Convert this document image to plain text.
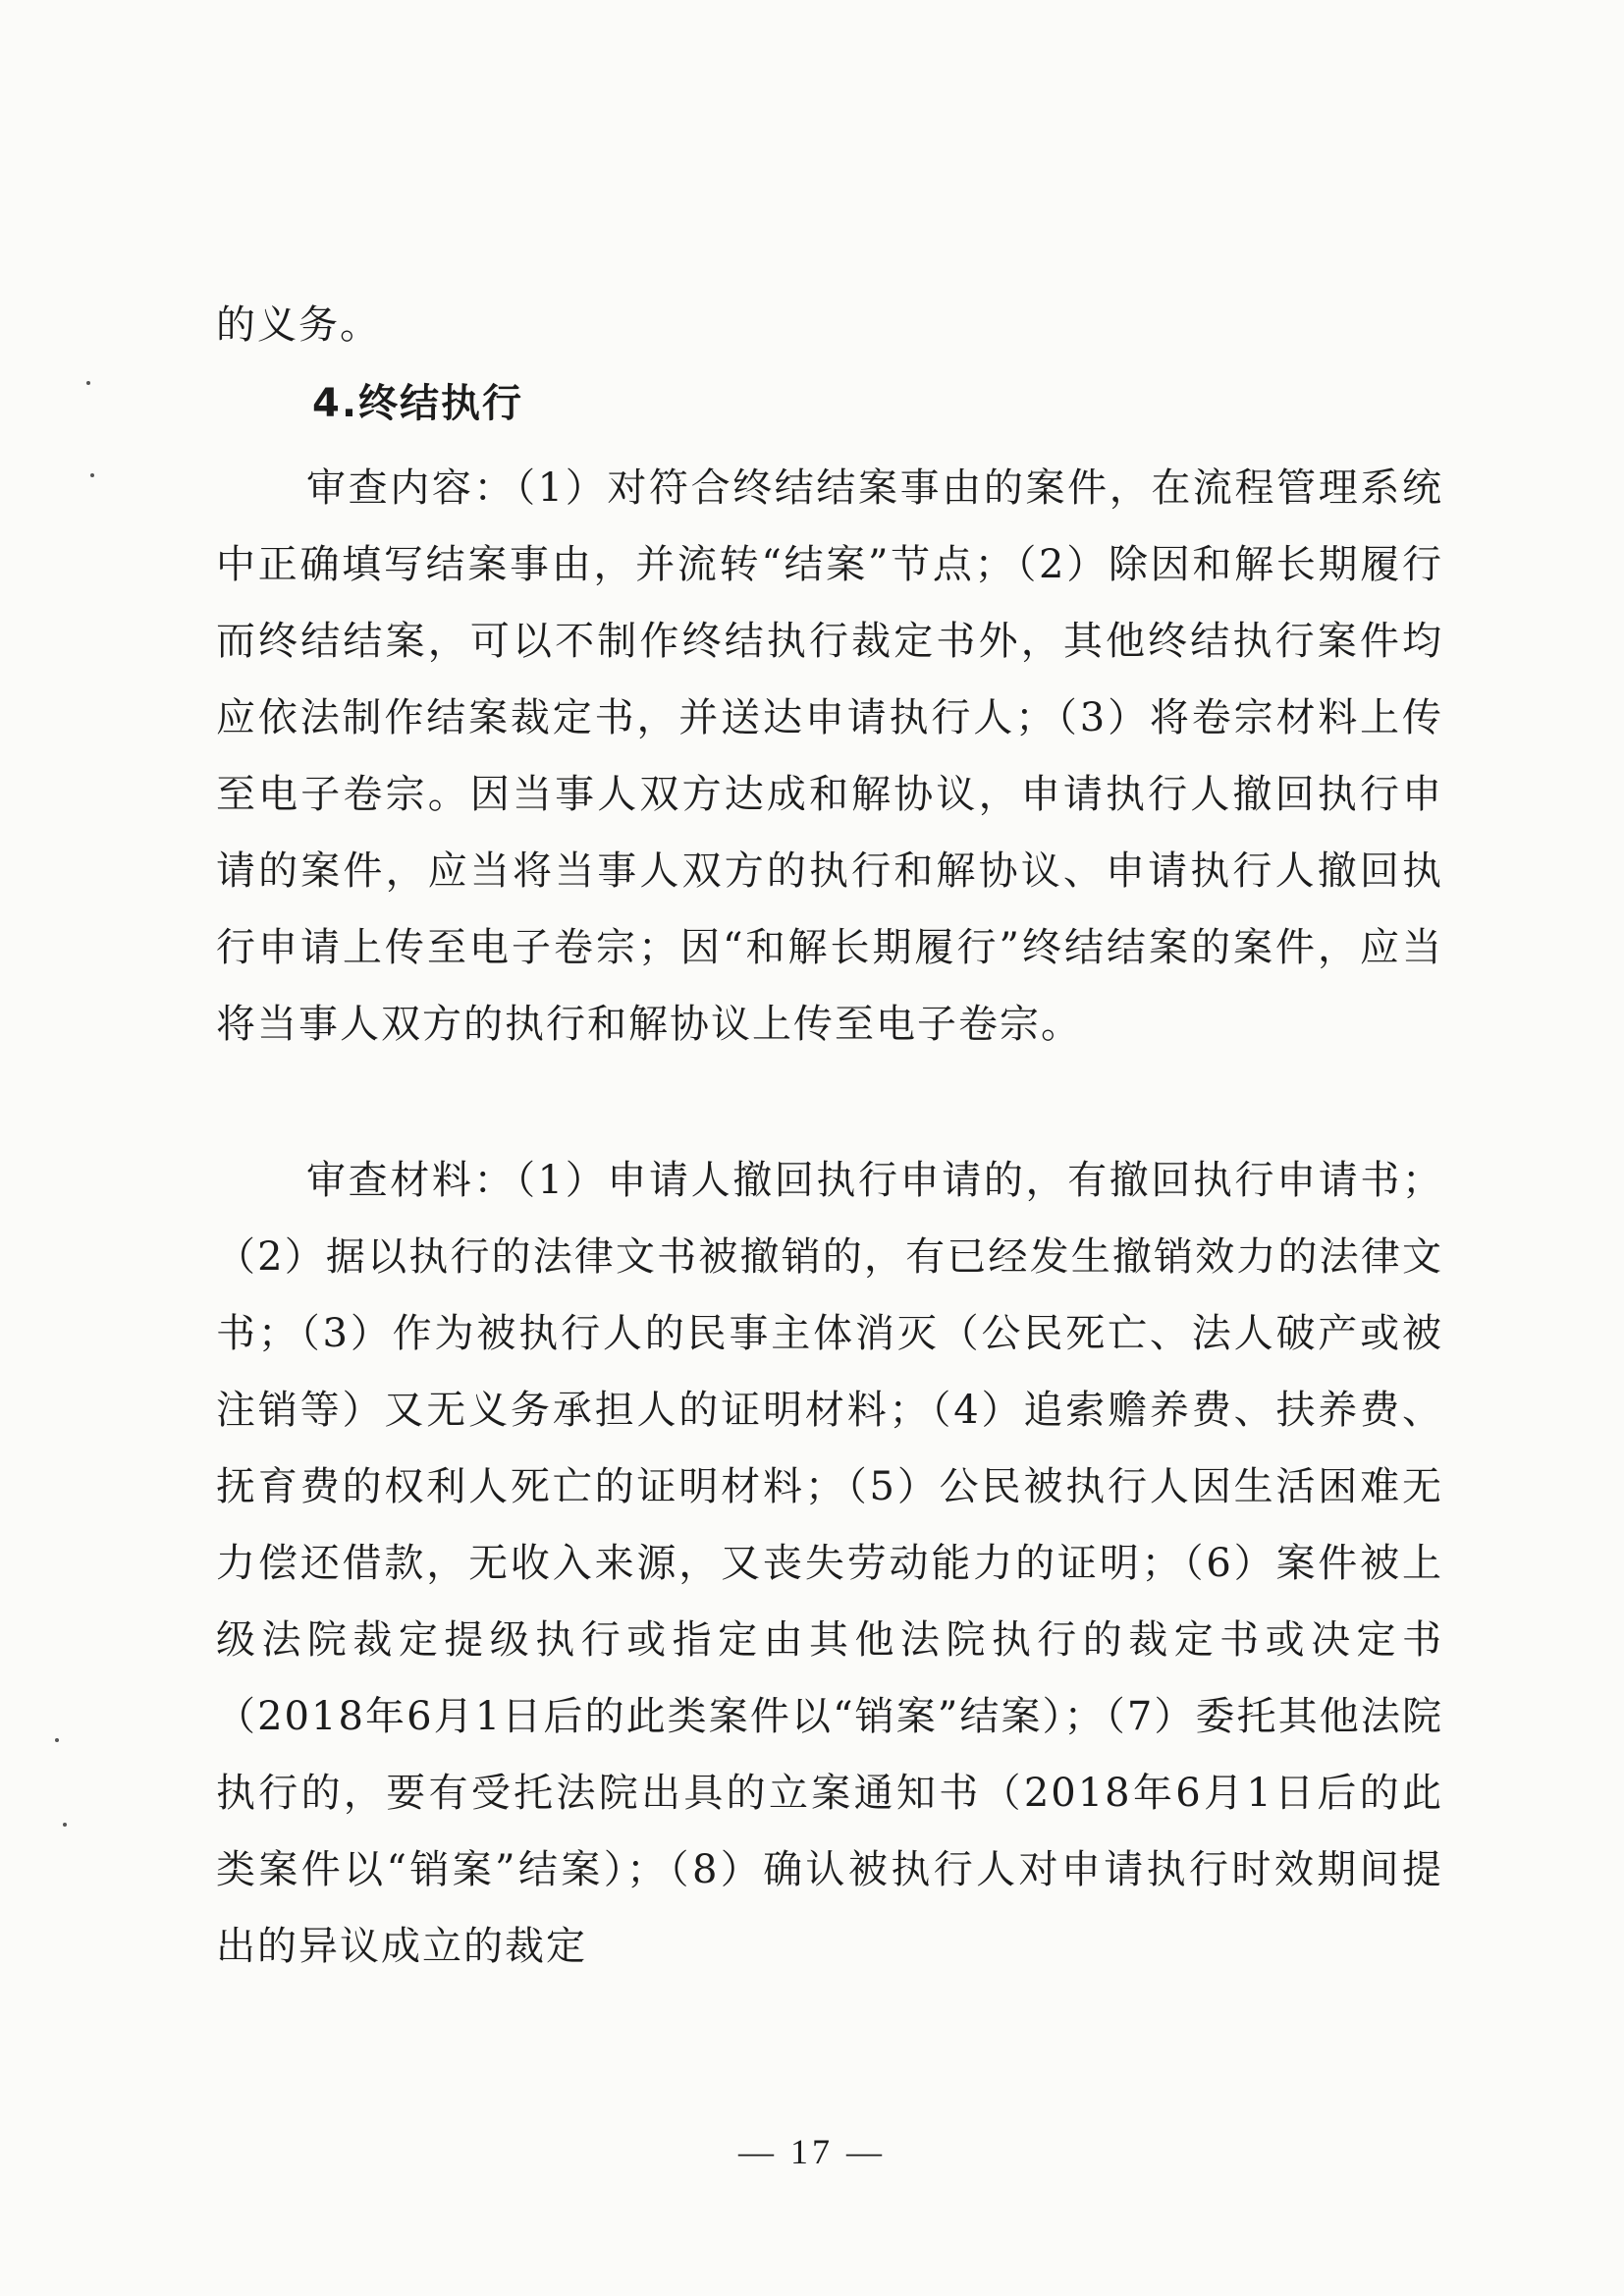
的义务。
4.终结执行
审查内容：（1）对符合终结结案事由的案件，在流程管理系统中正确填写结案事由，并流转“结案”节点；（2）除因和解长期履行而终结结案，可以不制作终结执行裁定书外，其他终结执行案件均应依法制作结案裁定书，并送达申请执行人；（3）将卷宗材料上传至电子卷宗。因当事人双方达成和解协议，申请执行人撤回执行申请的案件，应当将当事人双方的执行和解协议、申请执行人撤回执行申请上传至电子卷宗；因“和解长期履行”终结结案的案件，应当将当事人双方的执行和解协议上传至电子卷宗。
审查材料：（1）申请人撤回执行申请的，有撤回执行申请书；（2）据以执行的法律文书被撤销的，有已经发生撤销效力的法律文书；（3）作为被执行人的民事主体消灭（公民死亡、法人破产或被注销等）又无义务承担人的证明材料；（4）追索赡养费、扶养费、抚育费的权利人死亡的证明材料；（5）公民被执行人因生活困难无力偿还借款，无收入来源，又丧失劳动能力的证明；（6）案件被上级法院裁定提级执行或指定由其他法院执行的裁定书或决定书（2018年6月1日后的此类案件以“销案”结案）；（7）委托其他法院执行的，要有受托法院出具的立案通知书（2018年6月1日后的此类案件以“销案”结案）；（8）确认被执行人对申请执行时效期间提出的异议成立的裁定
— 17 —
